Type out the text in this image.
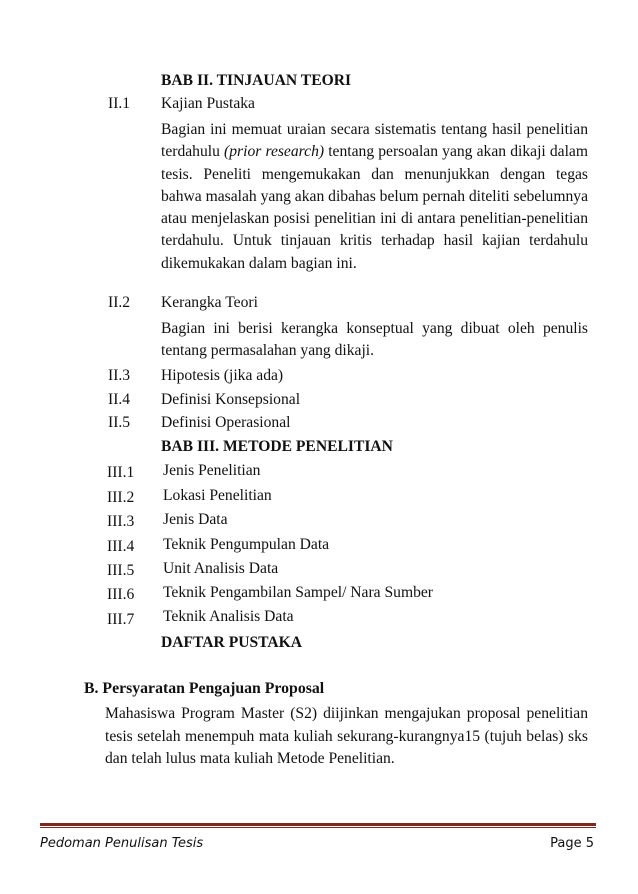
BAB II. TINJAUAN TEORI
II.1 Kajian Pustaka

Bagian ini memuat uraian secara sistematis tentang hasil penelitian terdahulu (prior research) tentang persoalan yang akan dikaji dalam tesis. Peneliti mengemukakan dan menunjukkan dengan tegas bahwa masalah yang akan dibahas belum pernah diteliti sebelumnya atau menjelaskan posisi penelitian ini di antara penelitian-penelitian terdahulu. Untuk tinjauan kritis terhadap hasil kajian terdahulu dikemukakan dalam bagian ini.

II.2 Kerangka Teori

Bagian ini berisi kerangka konseptual yang dibuat oleh penulis tentang permasalahan yang dikaji.

II.3 Hipotesis (jika ada)
II.4 Definisi Konsepsional
II.5 Definisi Operasional
BAB III. METODE PENELITIAN
III.1 Jenis Penelitian
III.2 Lokasi Penelitian
III.3 Jenis Data
III.4 Teknik Pengumpulan Data
III.5 Unit Analisis Data
III.6 Teknik Pengambilan Sampel/ Nara Sumber
III.7 Teknik Analisis Data
DAFTAR PUSTAKA
B. Persyaratan Pengajuan Proposal

Mahasiswa Program Master (S2) diijinkan mengajukan proposal penelitian tesis setelah menempuh mata kuliah sekurang-kurangnya15 (tujuh belas) sks dan telah lulus mata kuliah Metode Penelitian.

Pedoman Penulisan Tesis	Page 5
